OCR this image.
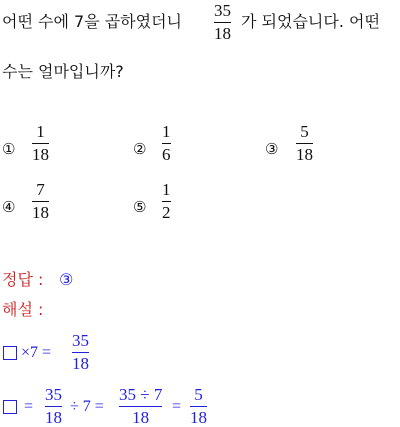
어떤 수에 7을 곱하였더니
35
18
가 되었습니다. 어떤
수는 얼마입니까?
①
1
18	②
1
6	③
5
18
④
7
18	⑤
1
2
정답 : ③
해설 :
×7 =
35
18
=
35
18
÷ 7 =
35 ÷ 7
18
=
5
18
